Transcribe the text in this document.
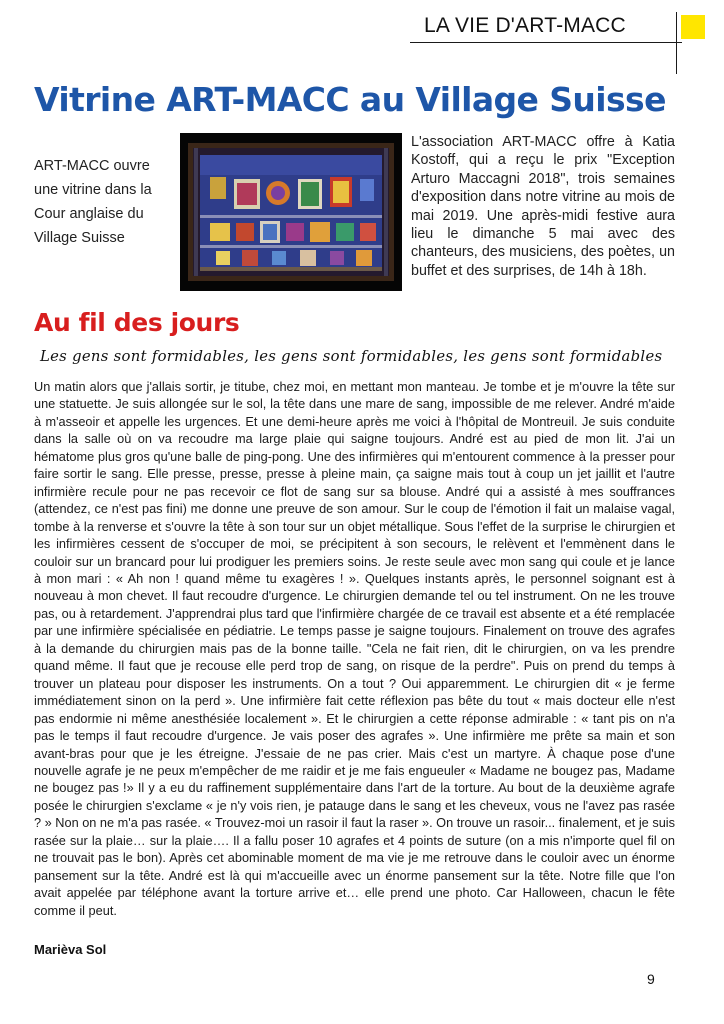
LA VIE D'ART-MACC
Vitrine ART-MACC au Village Suisse

ART-MACC ouvre une vitrine dans la Cour anglaise du Village Suisse

L'association ART-MACC offre à Katia Kostoff, qui a reçu le prix "Exception Arturo Maccagni 2018", trois semaines d'exposition dans notre vitrine au mois de mai 2019. Une après-midi festive aura lieu le dimanche 5 mai avec des chanteurs, des musiciens, des poètes, un buffet et des surprises, de 14h à 18h.

Au fil des jours

Les gens sont formidables, les gens sont formidables, les gens sont formidables

Un matin alors que j'allais sortir, je titube, chez moi, en mettant mon manteau. Je tombe et je m'ouvre la tête sur une statuette. Je suis allongée sur le sol, la tête dans une mare de sang, impossible de me relever. André m'aide à m'asseoir et appelle les urgences. Et une demi-heure après me voici à l'hôpital de Montreuil. Je suis conduite dans la salle où on va recoudre ma large plaie qui saigne toujours. André est au pied de mon lit. J'ai un hématome plus gros qu'une balle de ping-pong. Une des infirmières qui m'entourent commence à la presser pour faire sortir le sang. Elle presse, presse, presse à pleine main, ça saigne mais tout à coup un jet jaillit et l'autre infirmière recule pour ne pas recevoir ce flot de sang sur sa blouse. André qui a assisté à mes souffrances (attendez, ce n'est pas fini) me donne une preuve de son amour. Sur le coup de l'émotion il fait un malaise vagal, tombe à la renverse et s'ouvre la tête à son tour sur un objet métallique. Sous l'effet de la surprise le chirurgien et les infirmières cessent de s'occuper de moi, se précipitent à son secours, le relèvent et l'emmènent dans le couloir sur un brancard pour lui prodiguer les premiers soins. Je reste seule avec mon sang qui coule et je lance à mon mari : « Ah non ! quand même tu exagères ! ». Quelques instants après, le personnel soignant est à nouveau à mon chevet. Il faut recoudre d'urgence. Le chirurgien demande tel ou tel instrument. On ne les trouve pas, ou à retardement. J'apprendrai plus tard que l'infirmière chargée de ce travail est absente et a été remplacée par une infirmière spécialisée en pédiatrie. Le temps passe je saigne toujours. Finalement on trouve des agrafes à la demande du chirurgien mais pas de la bonne taille. "Cela ne fait rien, dit le chirurgien, on va les prendre quand même. Il faut que je recouse elle perd trop de sang, on risque de la perdre". Puis on prend du temps à trouver un plateau pour disposer les instruments. On a tout ? Oui apparemment. Le chirurgien dit « je ferme immédiatement sinon on la perd ». Une infirmière fait cette réflexion pas bête du tout « mais docteur elle n'est pas endormie ni même anesthésiée localement ». Et le chirurgien a cette réponse admirable : « tant pis on n'a pas le temps il faut recoudre d'urgence. Je vais poser des agrafes ». Une infirmière me prête sa main et son avant-bras pour que je les étreigne. J'essaie de ne pas crier. Mais c'est un martyre. À chaque pose d'une nouvelle agrafe je ne peux m'empêcher de me raidir et je me fais engueuler « Madame ne bougez pas, Madame ne bougez pas !» Il y a eu du raffinement supplémentaire dans l'art de la torture. Au bout de la deuxième agrafe posée le chirurgien s'exclame « je n'y vois rien, je patauge dans le sang et les cheveux, vous ne l'avez pas rasée ? » Non on ne m'a pas rasée. « Trouvez-moi un rasoir il faut la raser ». On trouve un rasoir... finalement, et je suis rasée sur la plaie… sur la plaie…. Il a fallu poser 10 agrafes et 4 points de suture (on a mis n'importe quel fil on ne trouvait pas le bon). Après cet abominable moment de ma vie je me retrouve dans le couloir avec un énorme pansement sur la tête. André est là qui m'accueille avec un énorme pansement sur la tête. Notre fille que l'on avait appelée par téléphone avant la torture arrive et… elle prend une photo. Car Halloween, chacun le fête comme il peut.

Marièva Sol

9
